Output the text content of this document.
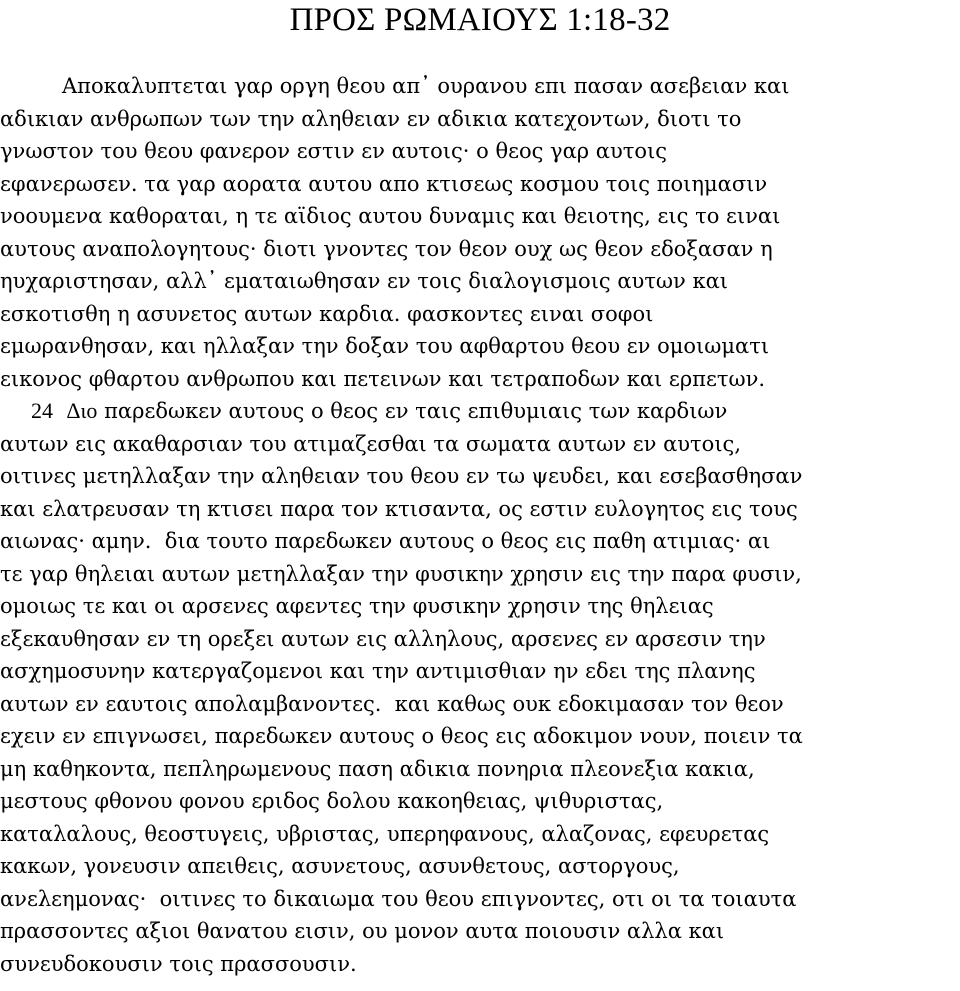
ΠΡΟΣ ΡΩΜΑΙΟΥΣ 1:18-32
Αποκαλυπτεται γαρ οργη θεου απ᾽ ουρανου επι πασαν ασεβειαν και
αδικιαν ανθρωπων των την αληθειαν εν αδικια κατεχοντων, διοτι το
γνωστον του θεου φανερον εστιν εν αυτοις· ο θεος γαρ αυτοις
εφανερωσεν. τα γαρ αορατα αυτου απο κτισεως κοσμου τοις ποιημασιν
νοουμενα καθοραται, η τε αϊδιος αυτου δυναμις και θειοτης, εις το ειναι
αυτους αναπολογητους· διοτι γνοντες τον θεον ουχ ως θεον εδοξασαν η
ηυχαριστησαν, αλλ᾽ εματαιωθησαν εν τοις διαλογισμοις αυτων και
εσκοτισθη η ασυνετος αυτων καρδια. φασκοντες ειναι σοφοι
εμωρανθησαν, και ηλλαξαν την δοξαν του αφθαρτου θεου εν ομοιωματι
εικονος φθαρτου ανθρωπου και πετεινων και τετραποδων και ερπετων.
24 Διο παρεδωκεν αυτους ο θεος εν ταις επιθυμιαις των καρδιων
αυτων εις ακαθαρσιαν του ατιμαζεσθαι τα σωματα αυτων εν αυτοις,
οιτινες μετηλλαξαν την αληθειαν του θεου εν τω ψευδει, και εσεβασθησαν
και ελατρευσαν τη κτισει παρα τον κτισαντα, ος εστιν ευλογητος εις τους
αιωνας· αμην.  δια τουτο παρεδωκεν αυτους ο θεος εις παθη ατιμιας· αι
τε γαρ θηλειαι αυτων μετηλλαξαν την φυσικην χρησιν εις την παρα φυσιν,
ομοιως τε και οι αρσενες αφεντες την φυσικην χρησιν της θηλειας
εξεκαυθησαν εν τη ορεξει αυτων εις αλληλους, αρσενες εν αρσεσιν την
ασχημοσυνην κατεργαζομενοι και την αντιμισθιαν ην εδει της πλανης
αυτων εν εαυτοις απολαμβανοντες.  και καθως ουκ εδοκιμασαν τον θεον
εχειν εν επιγνωσει, παρεδωκεν αυτους ο θεος εις αδοκιμον νουν, ποιειν τα
μη καθηκοντα, πεπληρωμενους παση αδικια πονηρια πλεονεξια κακια,
μεστους φθονου φονου εριδος δολου κακοηθειας, ψιθυριστας,
καταλαλους, θεοστυγεις, υβριστας, υπερηφανους, αλαζονας, εφευρετας
κακων, γονευσιν απειθεις, ασυνετους, ασυνθετους, αστοργους,
ανελεημονας·  οιτινες το δικαιωμα του θεου επιγνοντες, οτι οι τα τοιαυτα
πρασσοντες αξιοι θανατου εισιν, ου μονον αυτα ποιουσιν αλλα και
συνευδοκουσιν τοις πρασσουσιν.
